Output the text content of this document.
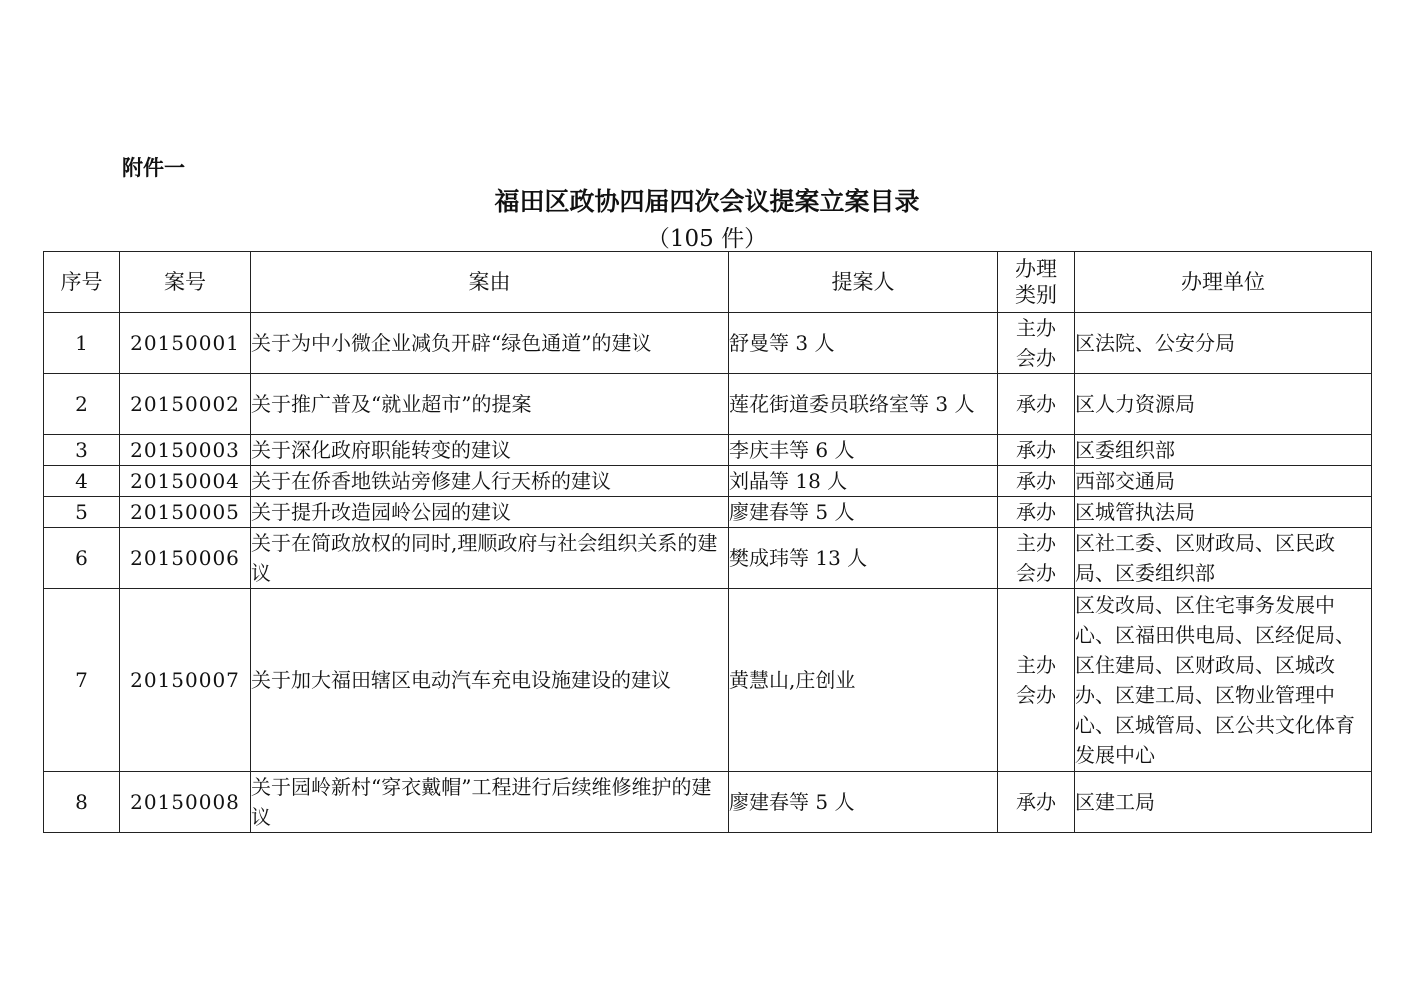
附件一
福田区政协四届四次会议提案立案目录
（105 件）
序号	案号	案由	提案人	办理类别	办理单位
1	20150001	关于为中小微企业减负开辟“绿色通道”的建议	舒曼等 3 人	主办会办	区法院、公安分局
2	20150002	关于推广普及“就业超市”的提案	莲花街道委员联络室等 3 人	承办	区人力资源局
3	20150003	关于深化政府职能转变的建议	李庆丰等 6 人	承办	区委组织部
4	20150004	关于在侨香地铁站旁修建人行天桥的建议	刘晶等 18 人	承办	西部交通局
5	20150005	关于提升改造园岭公园的建议	廖建春等 5 人	承办	区城管执法局
6	20150006	关于在简政放权的同时,理顺政府与社会组织关系的建议	樊成玮等 13 人	主办会办	区社工委、区财政局、区民政局、区委组织部
7	20150007	关于加大福田辖区电动汽车充电设施建设的建议	黄慧山,庄创业	主办会办	区发改局、区住宅事务发展中心、区福田供电局、区经促局、区住建局、区财政局、区城改办、区建工局、区物业管理中心、区城管局、区公共文化体育发展中心
8	20150008	关于园岭新村“穿衣戴帽”工程进行后续维修维护的建议	廖建春等 5 人	承办	区建工局
